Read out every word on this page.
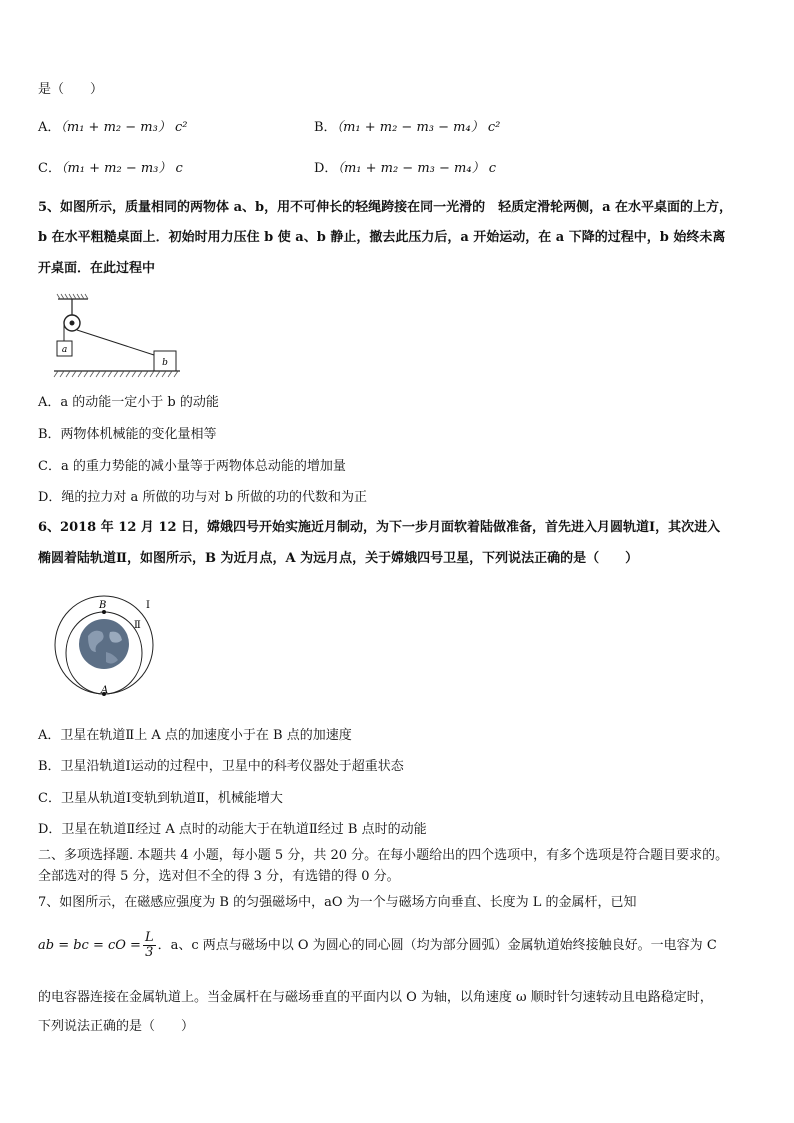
是（　　）
A．（m₁ + m₂ − m₃） c²	B．（m₁ + m₂ − m₃ − m₄） c²
C．（m₁ + m₂ − m₃） c	D．（m₁ + m₂ − m₃ − m₄） c
5、如图所示，质量相同的两物体 a、b，用不可伸长的轻绳跨接在同一光滑的　轻质定滑轮两侧，a 在水平桌面的上方，
b 在水平粗糙桌面上．初始时用力压住 b 使 a、b 静止，撤去此压力后，a 开始运动，在 a 下降的过程中，b 始终未离
开桌面．在此过程中
a
b
A．a 的动能一定小于 b 的动能
B．两物体机械能的变化量相等
C．a 的重力势能的减小量等于两物体总动能的增加量
D．绳的拉力对 a 所做的功与对 b 所做的功的代数和为正
6、2018 年 12 月 12 日，嫦娥四号开始实施近月制动，为下一步月面软着陆做准备，首先进入月圆轨道Ⅰ，其次进入
椭圆着陆轨道Ⅱ，如图所示，B 为近月点，A 为远月点，关于嫦娥四号卫星，下列说法正确的是（　　）
B
A
Ⅰ
Ⅱ
A．卫星在轨道Ⅱ上 A 点的加速度小于在 B 点的加速度
B．卫星沿轨道Ⅰ运动的过程中，卫星中的科考仪器处于超重状态
C．卫星从轨道Ⅰ变轨到轨道Ⅱ，机械能增大
D．卫星在轨道Ⅱ经过 A 点时的动能大于在轨道Ⅱ经过 B 点时的动能
二、多项选择题. 本题共 4 小题，每小题 5 分，共 20 分。在每小题给出的四个选项中，有多个选项是符合题目要求的。
全部选对的得 5 分，选对但不全的得 3 分，有选错的得 0 分。
7、如图所示，在磁感应强度为 B 的匀强磁场中，aO 为一个与磁场方向垂直、长度为 L 的金属杆，已知
ab = bc = cO = $\frac{L}{3}$ ．a、c 两点与磁场中以 O 为圆心的同心圆（均为部分圆弧）金属轨道始终接触良好。一电容为 C
的电容器连接在金属轨道上。当金属杆在与磁场垂直的平面内以 O 为轴，以角速度 ω 顺时针匀速转动且电路稳定时，
下列说法正确的是（　　）
